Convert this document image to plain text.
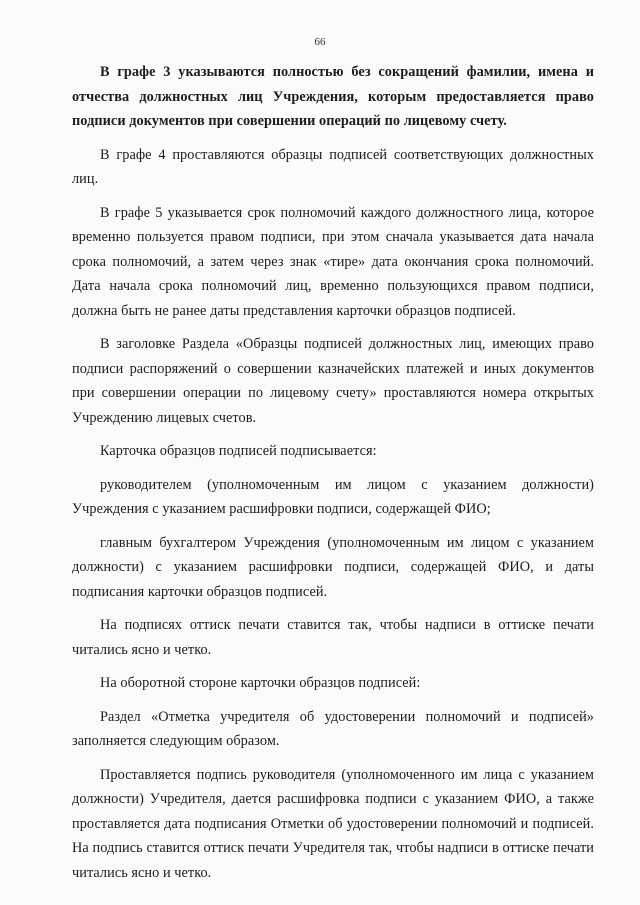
66

В графе 3 указываются полностью без сокращений фамилии, имена и отчества должностных лиц Учреждения, которым предоставляется право подписи документов при совершении операций по лицевому счету.

В графе 4 проставляются образцы подписей соответствующих должностных лиц.

В графе 5 указывается срок полномочий каждого должностного лица, которое временно пользуется правом подписи, при этом сначала указывается дата начала срока полномочий, а затем через знак «тире» дата окончания срока полномочий. Дата начала срока полномочий лиц, временно пользующихся правом подписи, должна быть не ранее даты представления карточки образцов подписей.

В заголовке Раздела «Образцы подписей должностных лиц, имеющих право подписи распоряжений о совершении казначейских платежей и иных документов при совершении операции по лицевому счету» проставляются номера открытых Учреждению лицевых счетов.

Карточка образцов подписей подписывается:

руководителем (уполномоченным им лицом с указанием должности) Учреждения с указанием расшифровки подписи, содержащей ФИО;

главным бухгалтером Учреждения (уполномоченным им лицом с указанием должности) с указанием расшифровки подписи, содержащей ФИО, и даты подписания карточки образцов подписей.

На подписях оттиск печати ставится так, чтобы надписи в оттиске печати читались ясно и четко.

На оборотной стороне карточки образцов подписей:

Раздел «Отметка учредителя об удостоверении полномочий и подписей» заполняется следующим образом.

Проставляется подпись руководителя (уполномоченного им лица с указанием должности) Учредителя, дается расшифровка подписи с указанием ФИО, а также проставляется дата подписания Отметки об удостоверении полномочий и подписей. На подпись ставится оттиск печати Учредителя так, чтобы надписи в оттиске печати читались ясно и четко.
